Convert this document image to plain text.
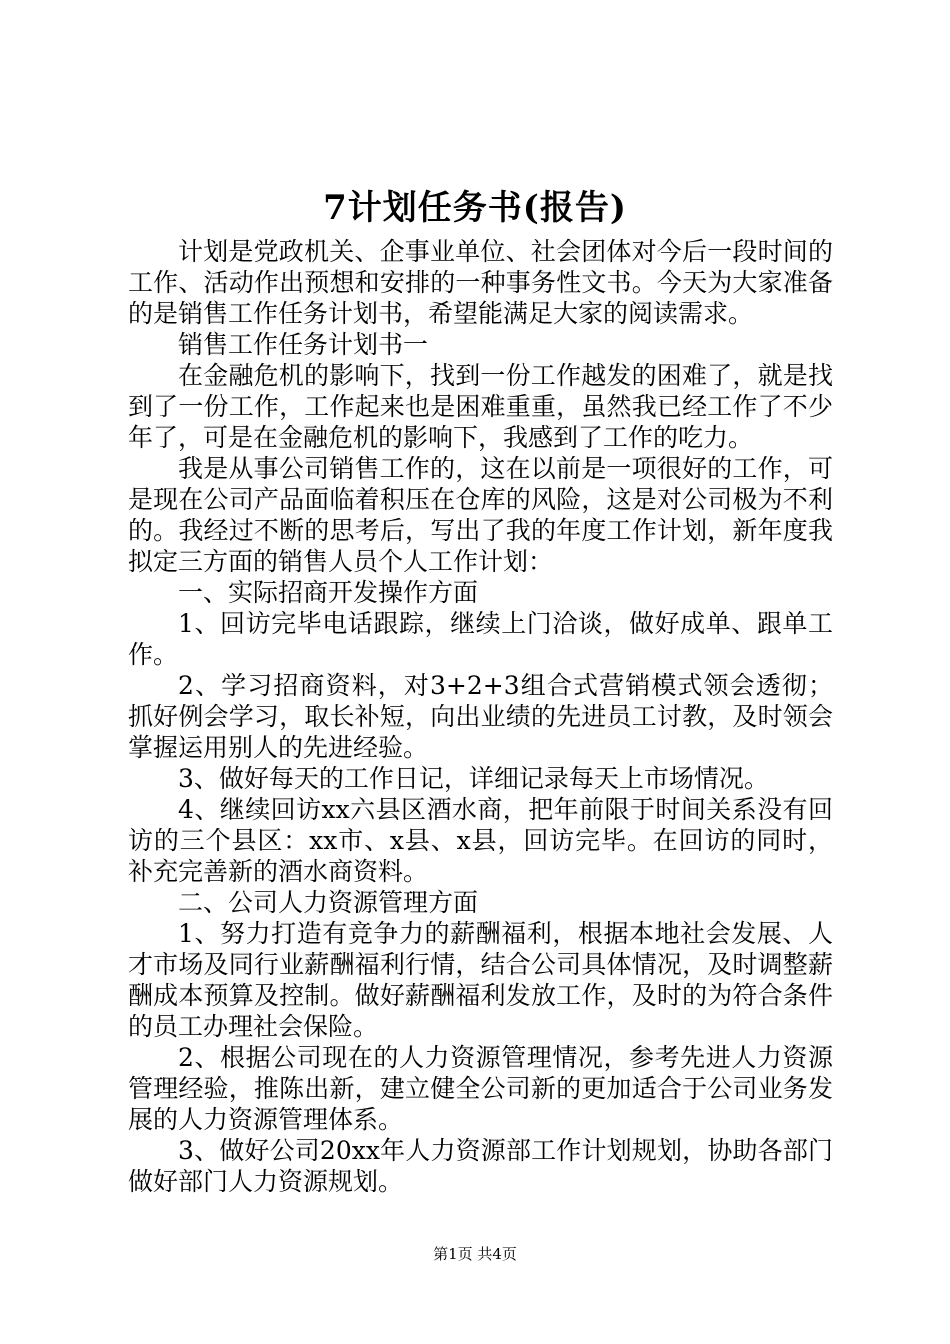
7计划任务书(报告)

计划是党政机关、企事业单位、社会团体对今后一段时间的工作、活动作出预想和安排的一种事务性文书。今天为大家准备的是销售工作任务计划书，希望能满足大家的阅读需求。

销售工作任务计划书一

在金融危机的影响下，找到一份工作越发的困难了，就是找到了一份工作，工作起来也是困难重重，虽然我已经工作了不少年了，可是在金融危机的影响下，我感到了工作的吃力。

我是从事公司销售工作的，这在以前是一项很好的工作，可是现在公司产品面临着积压在仓库的风险，这是对公司极为不利的。我经过不断的思考后，写出了我的年度工作计划，新年度我拟定三方面的销售人员个人工作计划：

一、实际招商开发操作方面

1、回访完毕电话跟踪，继续上门洽谈，做好成单、跟单工作。

2、学习招商资料，对3+2+3组合式营销模式领会透彻；抓好例会学习，取长补短，向出业绩的先进员工讨教，及时领会掌握运用别人的先进经验。

3、做好每天的工作日记，详细记录每天上市场情况。

4、继续回访xx六县区酒水商，把年前限于时间关系没有回访的三个县区：xx市、x县、x县，回访完毕。在回访的同时，补充完善新的酒水商资料。

二、公司人力资源管理方面

1、努力打造有竞争力的薪酬福利，根据本地社会发展、人才市场及同行业薪酬福利行情，结合公司具体情况，及时调整薪酬成本预算及控制。做好薪酬福利发放工作，及时的为符合条件的员工办理社会保险。

2、根据公司现在的人力资源管理情况，参考先进人力资源管理经验，推陈出新，建立健全公司新的更加适合于公司业务发展的人力资源管理体系。

3、做好公司20xx年人力资源部工作计划规划，协助各部门做好部门人力资源规划。

第1页 共4页
